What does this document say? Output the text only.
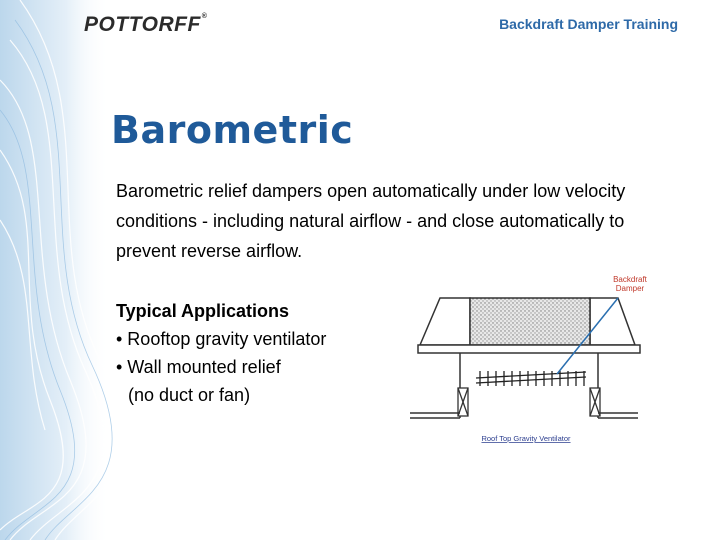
POTTORFF®	Backdraft Damper Training
Barometric
Barometric relief dampers open automatically under low velocity
conditions - including natural airflow - and close automatically to
prevent reverse airflow.
Typical Applications
• Rooftop gravity ventilator
• Wall mounted relief
(no duct or fan)
Backdraft
Damper
Roof Top Gravity Ventilator
